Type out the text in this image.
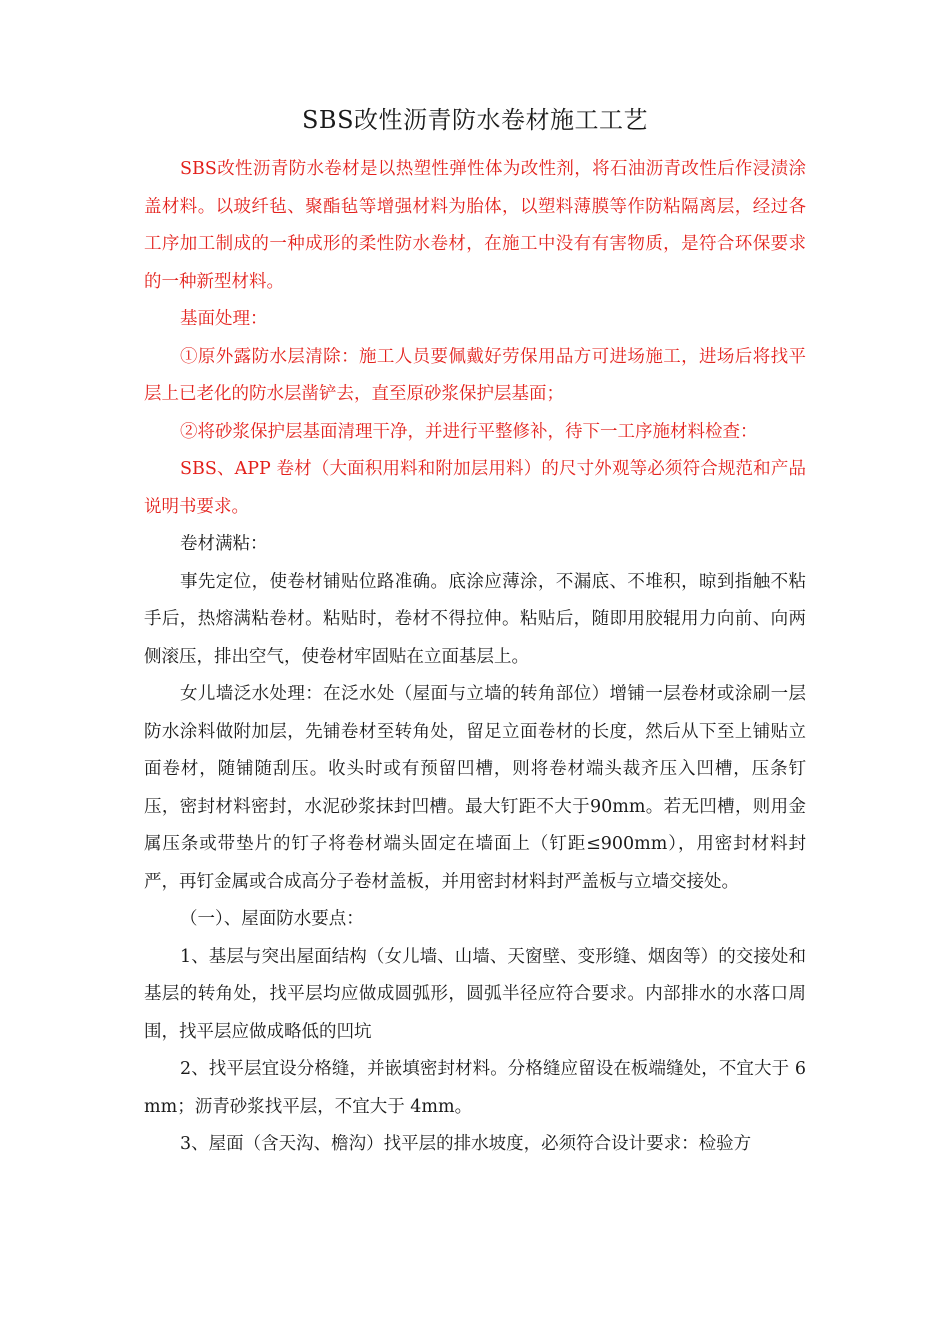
SBS改性沥青防水卷材施工工艺

SBS改性沥青防水卷材是以热塑性弹性体为改性剂，将石油沥青改性后作浸渍涂盖材料。以玻纤毡、聚酯毡等增强材料为胎体，以塑料薄膜等作防粘隔离层，经过各工序加工制成的一种成形的柔性防水卷材，在施工中没有有害物质，是符合环保要求的一种新型材料。

基面处理：

①原外露防水层清除：施工人员要佩戴好劳保用品方可进场施工，进场后将找平层上已老化的防水层凿铲去，直至原砂浆保护层基面；

②将砂浆保护层基面清理干净，并进行平整修补，待下一工序施材料检查：

SBS、APP 卷材（大面积用料和附加层用料）的尺寸外观等必须符合规范和产品说明书要求。

卷材满粘：

事先定位，使卷材铺贴位路准确。底涂应薄涂，不漏底、不堆积，晾到指触不粘手后，热熔满粘卷材。粘贴时，卷材不得拉伸。粘贴后，随即用胶辊用力向前、向两侧滚压，排出空气，使卷材牢固贴在立面基层上。

女儿墙泛水处理：在泛水处（屋面与立墙的转角部位）增铺一层卷材或涂刷一层防水涂料做附加层，先铺卷材至转角处，留足立面卷材的长度，然后从下至上铺贴立面卷材，随铺随刮压。收头时或有预留凹槽，则将卷材端头裁齐压入凹槽，压条钉压，密封材料密封，水泥砂浆抹封凹槽。最大钉距不大于90mm。若无凹槽，则用金属压条或带垫片的钉子将卷材端头固定在墙面上（钉距≤900mm），用密封材料封严，再钉金属或合成高分子卷材盖板，并用密封材料封严盖板与立墙交接处。

（一）、屋面防水要点：

1、基层与突出屋面结构（女儿墙、山墙、天窗壁、变形缝、烟囱等）的交接处和基层的转角处，找平层均应做成圆弧形，圆弧半径应符合要求。内部排水的水落口周围，找平层应做成略低的凹坑

2、找平层宜设分格缝，并嵌填密封材料。分格缝应留设在板端缝处，不宜大于 6mm；沥青砂浆找平层，不宜大于 4mm。

3、屋面（含天沟、檐沟）找平层的排水坡度，必须符合设计要求：检验方
